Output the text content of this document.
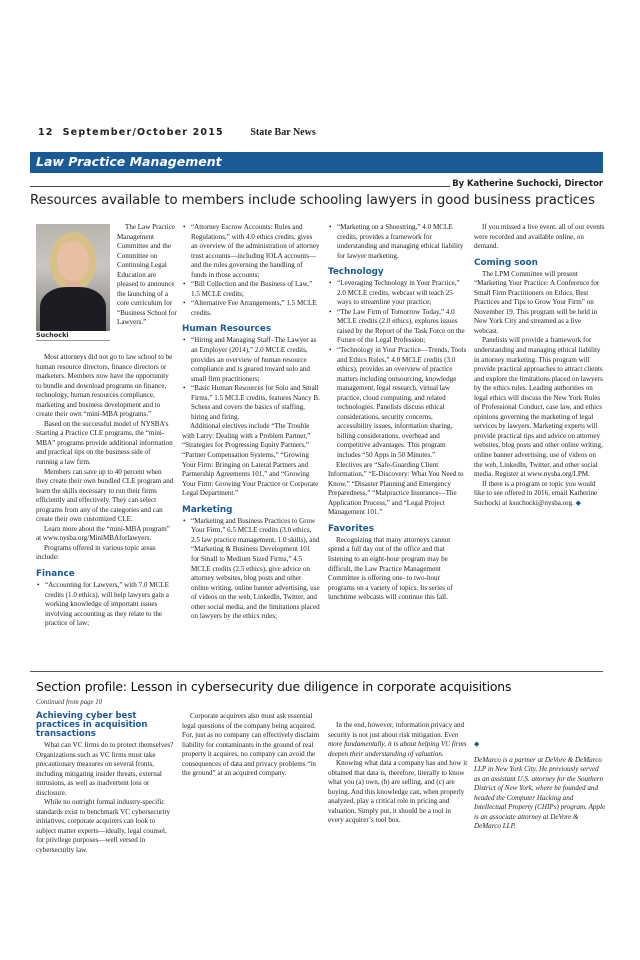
12 September/October 2015	State Bar News
Law Practice Management
By Katherine Suchocki, Director
Resources available to members include schooling lawyers in good business practices
Suchocki

The Law Practice Management Committee and the Committee on Continuing Legal Education are pleased to announce the launching of a core curriculum for “Business School for Lawyers.”

Most attorneys did not go to law school to be human resource directors, finance directors or marketers. Members now have the opportunity to bundle and download programs on finance, technology, human resources compliance, marketing and business development and to create their own “mini-MBA programs.”

Based on the successful model of NYSBA’s Starting a Practice CLE programs, the “mini-MBA” programs provide additional information and practical tips on the business side of running a law firm.

Members can save up to 40 percent when they create their own bundled CLE program and learn the skills necessary to run their firms efficiently and effectively. They can select programs from any of the categories and can create their own customized CLE.

Learn more about the “mini-MBA program” at www.nysba.org/MiniMBAforlawyers.

Programs offered in various topic areas include:

Finance
• “Accounting for Lawyers,” with 7.0 MCLE credits (1.0 ethics), will help lawyers gain a working knowledge of important issues involving accounting as they relate to the practice of law;
• “Attorney Escrow Accounts: Rules and Regulations,” with 4.0 ethics credits, gives an overview of the administration of attorney trust accounts—including IOLA accounts—and the rules governing the handling of funds in those accounts;
• “Bill Collection and the Business of Law,” 1.5 MCLE credits;
• “Alternative Fee Arrangements,” 1.5 MCLE credits.
Human Resources
• “Hiring and Managing Staff–The Lawyer as an Employer (2014),” 2.0 MCLE credits, provides an overview of human resource compliance and is geared toward solo and small firm practitioners;
• “Basic Human Resources for Solo and Small Firms,” 1.5 MCLE credits, features Nancy B. Schess and covers the basics of staffing, hiring and firing.

Additional electives include “The Trouble with Larry: Dealing with a Problem Partner,” “Strategies for Progressing Equity Partners,” “Partner Compensation Systems,” “Growing Your Firm: Bringing on Lateral Partners and Partnership Agreements 101,” and “Growing Your Firm: Growing Your Practice or Corporate Legal Department.”

Marketing
• “Marketing and Business Practices to Grow Your Firm,” 6.5 MCLE credits (3.0 ethics, 2.5 law practice management, 1.0 skills), and “Marketing & Business Development 101 for Small to Medium Sized Firms,” 4.5 MCLE credits (2.5 ethics), give advice on attorney websites, blog posts and other online writing, online banner advertising, use of videos on the web, LinkedIn, Twitter, and other social media, and the limitations placed on lawyers by the ethics rules;
• “Marketing on a Shoestring,” 4.0 MCLE credits, provides a framework for understanding and managing ethical liability for lawyer marketing.
Technology
• “Leveraging Technology in Your Practice,” 2.0 MCLE credits, webcast will teach 25 ways to streamline your practice;
• “The Law Firm of Tomorrow Today,” 4.0 MCLE credits (2.0 ethics), explores issues raised by the Report of the Task Force on the Future of the Legal Profession;
• “Technology in Your Practice—Trends, Tools and Ethics Rules,” 4.0 MCLE credits (3.0 ethics), provides an overview of practice matters including outsourcing, knowledge management, legal research, virtual law practice, cloud computing, and related technologies. Panelists discuss ethical considerations, security concerns, accessibility issues, information sharing, billing considerations, overhead and competitive advantages. This program includes “50 Apps in 50 Minutes.”

Electives are “Safe-Guarding Client Information,” “E-Discovery: What You Need to Know,” “Disaster Planning and Emergency Preparedness,” “Malpractice Insurance—The Application Process,” and “Legal Project Management 101.”

Favorites

Recognizing that many attorneys cannot spend a full day out of the office and that listening to an eight-hour program may be difficult, the Law Practice Management Committee is offering one- to two-hour programs on a variety of topics. Its series of lunchtime webcasts will continue this fall.

If you missed a live event, all of our events were recorded and available online, on demand.

Coming soon

The LPM Committee will present “Marketing Your Practice: A Conference for Small Firm Practitioners on Ethics, Best Practices and Tips to Grow Your Firm” on November 19. This program will be held in New York City and streamed as a live webcast.

Panelists will provide a framework for understanding and managing ethical liability in attorney marketing. This program will provide practical approaches to attract clients and explore the limitations placed on lawyers by the ethics rules. Leading authorities on legal ethics will discuss the New York Rules of Professional Conduct, case law, and ethics opinions governing the marketing of legal services by lawyers. Marketing experts will provide practical tips and advice on attorney websites, blog posts and other online writing, online banner advertising, use of videos on the web, LinkedIn, Twitter, and other social media. Register at www.nysba.org/LPM.

If there is a program or topic you would like to see offered in 2016, email Katherine Suchocki at ksuchocki@nysba.org. ◆

Section profile: Lesson in cybersecurity due diligence in corporate acquisitions
Continued from page 10
Achieving cyber best practices in acquisition transactions

What can VC firms do to protect themselves? Organizations such as VC firms must take precautionary measures on several fronts, including mitigating insider threats, external intrusions, as well as inadvertent loss or disclosure.

While no outright formal industry-specific standards exist to benchmark VC cybersecurity initiatives, corporate acquirers can look to subject matter experts—ideally, legal counsel, for privilege purposes—well versed in cybersecurity law.

Corporate acquirers also must ask essential legal questions of the company being acquired. For, just as no company can effectively disclaim liability for contaminants in the ground of real property it acquires, no company can avoid the consequences of data and privacy problems “in the ground” at an acquired company.

In the end, however, information privacy and security is not just about risk mitigation. Even more fundamentally, it is about helping VC firms deepen their understanding of valuation.

Knowing what data a company has and how it obtained that data is, therefore, literally to know what you (a) own, (b) are selling, and (c) are buying. And this knowledge can, when properly analyzed, play a critical role in pricing and valuation. Simply put, it should be a tool in every acquirer’s tool box.

◆

DeMarco is a partner at DeVore & DeMarco LLP in New York City. He previously served as an assistant U.S. attorney for the Southern District of New York, where he founded and headed the Computer Hacking and Intellectual Property (CHIPs) program. Apple is an associate attorney at DeVore & DeMarco LLP.
